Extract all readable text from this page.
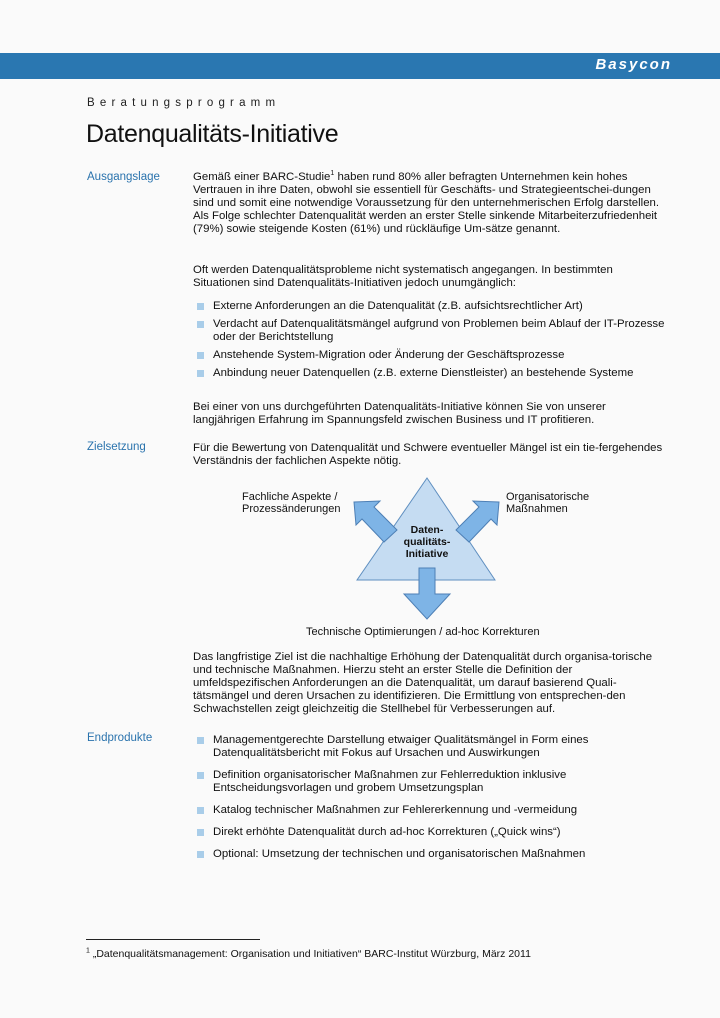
Basycon
Beratungsprogramm
Datenqualitäts-Initiative
Ausgangslage	Gemäß einer BARC-Studie$^1$ haben rund 80% aller befragten Unternehmen kein hohes Vertrauen in ihre Daten, obwohl sie essentiell für Geschäfts- und Strategieentschei-dungen sind und somit eine notwendige Voraussetzung für den unternehmerischen Erfolg darstellen. Als Folge schlechter Datenqualität werden an erster Stelle sinkende Mitarbeiterzufriedenheit (79%) sowie steigende Kosten (61%) und rückläufige Um-sätze genannt.
Oft werden Datenqualitätsprobleme nicht systematisch angegangen. In bestimmten Situationen sind Datenqualitäts-Initiativen jedoch unumgänglich:
Externe Anforderungen an die Datenqualität (z.B. aufsichtsrechtlicher Art)
Verdacht auf Datenqualitätsmängel aufgrund von Problemen beim Ablauf der IT-Prozesse oder der Berichtstellung
Anstehende System-Migration oder Änderung der Geschäftsprozesse
Anbindung neuer Datenquellen (z.B. externe Dienstleister) an bestehende Systeme
Bei einer von uns durchgeführten Datenqualitäts-Initiative können Sie von unserer langjährigen Erfahrung im Spannungsfeld zwischen Business und IT profitieren.
Zielsetzung	Für die Bewertung von Datenqualität und Schwere eventueller Mängel ist ein tie-fergehendes Verständnis der fachlichen Aspekte nötig.
Daten-
qualitäts-
Initiative
Fachliche Aspekte /
Prozessänderungen
Organisatorische
Maßnahmen
Technische Optimierungen / ad-hoc Korrekturen
Das langfristige Ziel ist die nachhaltige Erhöhung der Datenqualität durch organisa-torische und technische Maßnahmen. Hierzu steht an erster Stelle die Definition der umfeldspezifischen Anforderungen an die Datenqualität, um darauf basierend Quali-tätsmängel und deren Ursachen zu identifizieren. Die Ermittlung von entsprechen-den Schwachstellen zeigt gleichzeitig die Stellhebel für Verbesserungen auf.
Endprodukte	Managementgerechte Darstellung etwaiger Qualitätsmängel in Form eines Datenqualitätsbericht mit Fokus auf Ursachen und Auswirkungen
Definition organisatorischer Maßnahmen zur Fehlerreduktion inklusive Entscheidungsvorlagen und grobem Umsetzungsplan
Katalog technischer Maßnahmen zur Fehlererkennung und -vermeidung
Direkt erhöhte Datenqualität durch ad-hoc Korrekturen („Quick wins“)
Optional: Umsetzung der technischen und organisatorischen Maßnahmen
$^1$ „Datenqualitätsmanagement: Organisation und Initiativen“ BARC-Institut Würzburg, März 2011
